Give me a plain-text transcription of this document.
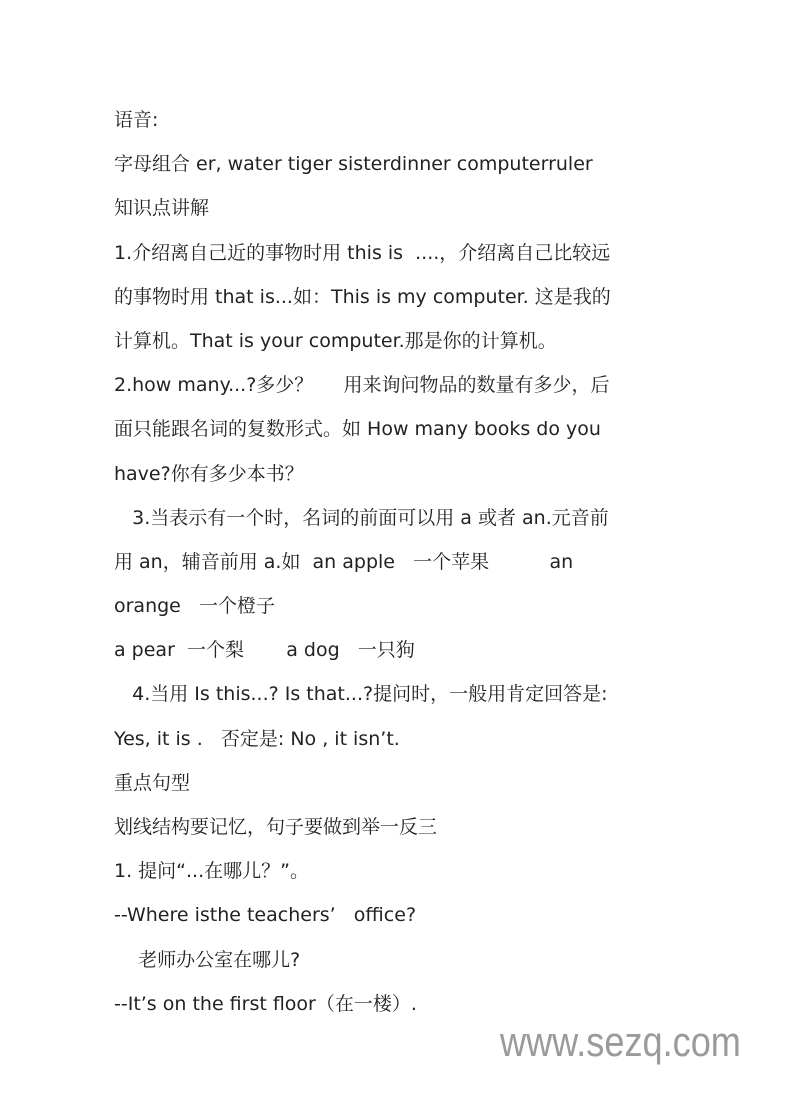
语音:
字母组合 er, water tiger sisterdinner computerruler
知识点讲解
1.介绍离自己近的事物时用 this is  ....，介绍离自己比较远
的事物时用 that is...如：This is my computer. 这是我的
计算机。That is your computer.那是你的计算机。
2.how many...?多少？     用来询问物品的数量有多少，后
面只能跟名词的复数形式。如 How many books do you
have?你有多少本书？
3.当表示有一个时，名词的前面可以用 a 或者 an.元音前
用 an，辅音前用 a.如  an apple   一个苹果          an
orange   一个橙子
a pear  一个梨       a dog   一只狗
4.当用 Is this...? Is that...?提问时，一般用肯定回答是:
Yes, it is .   否定是: No , it isn’t.
重点句型
划线结构要记忆，句子要做到举一反三
1. 提问“...在哪儿？”。
--Where isthe teachers’   office?
老师办公室在哪儿?
--It’s on the first floor（在一楼）.
www.sezq.com
